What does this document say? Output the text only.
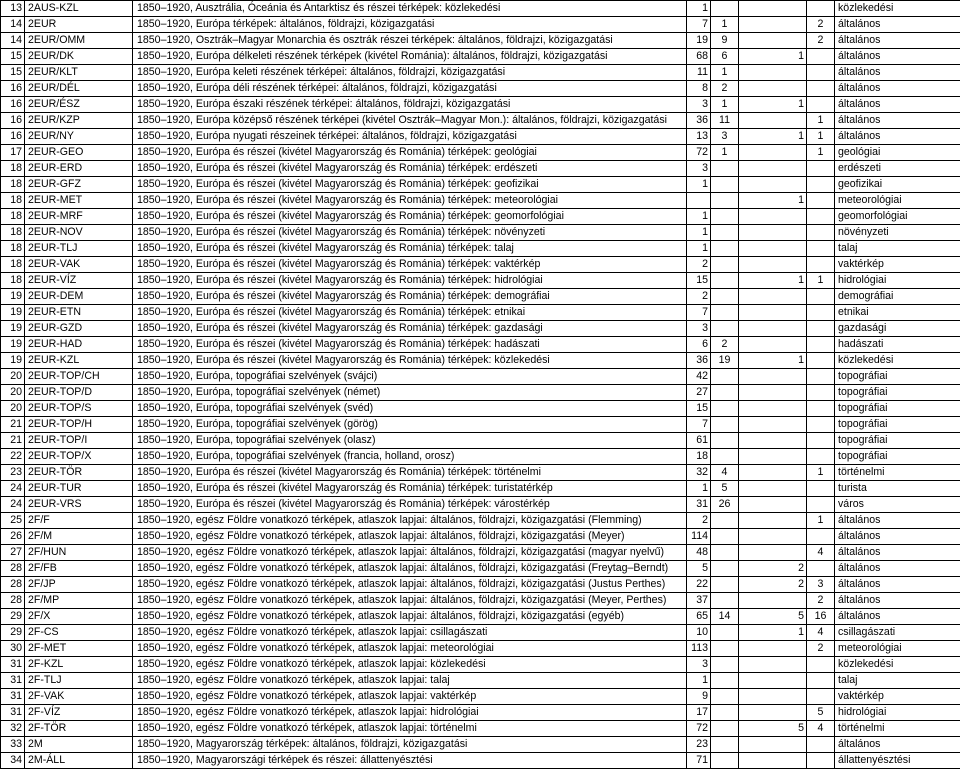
13	2AUS-KZL	1850–1920, Ausztrália, Óceánia és Antarktisz és részei térképek: közlekedési	1				közlekedési
14	2EUR	1850–1920, Európa térképek: általános, földrajzi, közigazgatási	7	1		2	általános
14	2EUR/OMM	1850–1920, Osztrák–Magyar Monarchia és osztrák részei térképek: általános, földrajzi, közigazgatási	19	9		2	általános
15	2EUR/DK	1850–1920, Európa délkeleti részének térképek (kivétel Románia): általános, földrajzi, közigazgatási	68	6	1		általános
15	2EUR/KLT	1850–1920, Európa keleti részének térképei: általános, földrajzi, közigazgatási	11	1			általános
16	2EUR/DÉL	1850–1920, Európa déli részének térképei: általános, földrajzi, közigazgatási	8	2			általános
16	2EUR/ÉSZ	1850–1920, Európa északi részének térképei: általános, földrajzi, közigazgatási	3	1	1		általános
16	2EUR/KZP	1850–1920, Európa középső részének térképei (kivétel Osztrák–Magyar Mon.): általános, földrajzi, közigazgatási	36	11		1	általános
16	2EUR/NY	1850–1920, Európa nyugati részeinek térképei: általános, földrajzi, közigazgatási	13	3	1	1	általános
17	2EUR-GEO	1850–1920, Európa és részei (kivétel Magyarország és Románia) térképek: geológiai	72	1		1	geológiai
18	2EUR-ERD	1850–1920, Európa és részei (kivétel Magyarország és Románia) térképek: erdészeti	3				erdészeti
18	2EUR-GFZ	1850–1920, Európa és részei (kivétel Magyarország és Románia) térképek: geofizikai	1				geofizikai
18	2EUR-MET	1850–1920, Európa és részei (kivétel Magyarország és Románia) térképek: meteorológiai			1		meteorológiai
18	2EUR-MRF	1850–1920, Európa és részei (kivétel Magyarország és Románia) térképek: geomorfológiai	1				geomorfológiai
18	2EUR-NOV	1850–1920, Európa és részei (kivétel Magyarország és Románia) térképek: növényzeti	1				növényzeti
18	2EUR-TLJ	1850–1920, Európa és részei (kivétel Magyarország és Románia) térképek: talaj	1				talaj
18	2EUR-VAK	1850–1920, Európa és részei (kivétel Magyarország és Románia) térképek: vaktérkép	2				vaktérkép
18	2EUR-VÍZ	1850–1920, Európa és részei (kivétel Magyarország és Románia) térképek: hidrológiai	15		1	1	hidrológiai
19	2EUR-DEM	1850–1920, Európa és részei (kivétel Magyarország és Románia) térképek: demográfiai	2				demográfiai
19	2EUR-ETN	1850–1920, Európa és részei (kivétel Magyarország és Románia) térképek: etnikai	7				etnikai
19	2EUR-GZD	1850–1920, Európa és részei (kivétel Magyarország és Románia) térképek: gazdasági	3				gazdasági
19	2EUR-HAD	1850–1920, Európa és részei (kivétel Magyarország és Románia) térképek: hadászati	6	2			hadászati
19	2EUR-KZL	1850–1920, Európa és részei (kivétel Magyarország és Románia) térképek: közlekedési	36	19	1		közlekedési
20	2EUR-TOP/CH	1850–1920, Európa, topográfiai szelvények (svájci)	42				topográfiai
20	2EUR-TOP/D	1850–1920, Európa, topográfiai szelvények (német)	27				topográfiai
20	2EUR-TOP/S	1850–1920, Európa, topográfiai szelvények (svéd)	15				topográfiai
21	2EUR-TOP/H	1850–1920, Európa, topográfiai szelvények (görög)	7				topográfiai
21	2EUR-TOP/I	1850–1920, Európa, topográfiai szelvények (olasz)	61				topográfiai
22	2EUR-TOP/X	1850–1920, Európa, topográfiai szelvények (francia, holland, orosz)	18				topográfiai
23	2EUR-TÖR	1850–1920, Európa és részei (kivétel Magyarország és Románia) térképek: történelmi	32	4		1	történelmi
24	2EUR-TUR	1850–1920, Európa és részei (kivétel Magyarország és Románia) térképek: turistatérkép	1	5			turista
24	2EUR-VRS	1850–1920, Európa és részei (kivétel Magyarország és Románia) térképek: várostérkép	31	26			város
25	2F/F	1850–1920, egész Földre vonatkozó térképek, atlaszok lapjai: általános, földrajzi, közigazgatási (Flemming)	2			1	általános
26	2F/M	1850–1920, egész Földre vonatkozó térképek, atlaszok lapjai: általános, földrajzi, közigazgatási (Meyer)	114				általános
27	2F/HUN	1850–1920, egész Földre vonatkozó térképek, atlaszok lapjai: általános, földrajzi, közigazgatási (magyar nyelvű)	48			4	általános
28	2F/FB	1850–1920, egész Földre vonatkozó térképek, atlaszok lapjai: általános, földrajzi, közigazgatási (Freytag–Berndt)	5		2		általános
28	2F/JP	1850–1920, egész Földre vonatkozó térképek, atlaszok lapjai: általános, földrajzi, közigazgatási (Justus Perthes)	22		2	3	általános
28	2F/MP	1850–1920, egész Földre vonatkozó térképek, atlaszok lapjai: általános, földrajzi, közigazgatási (Meyer, Perthes)	37			2	általános
29	2F/X	1850–1920, egész Földre vonatkozó térképek, atlaszok lapjai: általános, földrajzi, közigazgatási (egyéb)	65	14	5	16	általános
29	2F-CS	1850–1920, egész Földre vonatkozó térképek, atlaszok lapjai: csillagászati	10		1	4	csillagászati
30	2F-MET	1850–1920, egész Földre vonatkozó térképek, atlaszok lapjai: meteorológiai	113			2	meteorológiai
31	2F-KZL	1850–1920, egész Földre vonatkozó térképek, atlaszok lapjai: közlekedési	3				közlekedési
31	2F-TLJ	1850–1920, egész Földre vonatkozó térképek, atlaszok lapjai: talaj	1				talaj
31	2F-VAK	1850–1920, egész Földre vonatkozó térképek, atlaszok lapjai: vaktérkép	9				vaktérkép
31	2F-VÍZ	1850–1920, egész Földre vonatkozó térképek, atlaszok lapjai: hidrológiai	17			5	hidrológiai
32	2F-TÖR	1850–1920, egész Földre vonatkozó térképek, atlaszok lapjai: történelmi	72		5	4	történelmi
33	2M	1850–1920, Magyarország térképek: általános, földrajzi, közigazgatási	23				általános
34	2M-ÁLL	1850–1920, Magyarországi térképek és részei: állattenyésztési	71				állattenyésztési
